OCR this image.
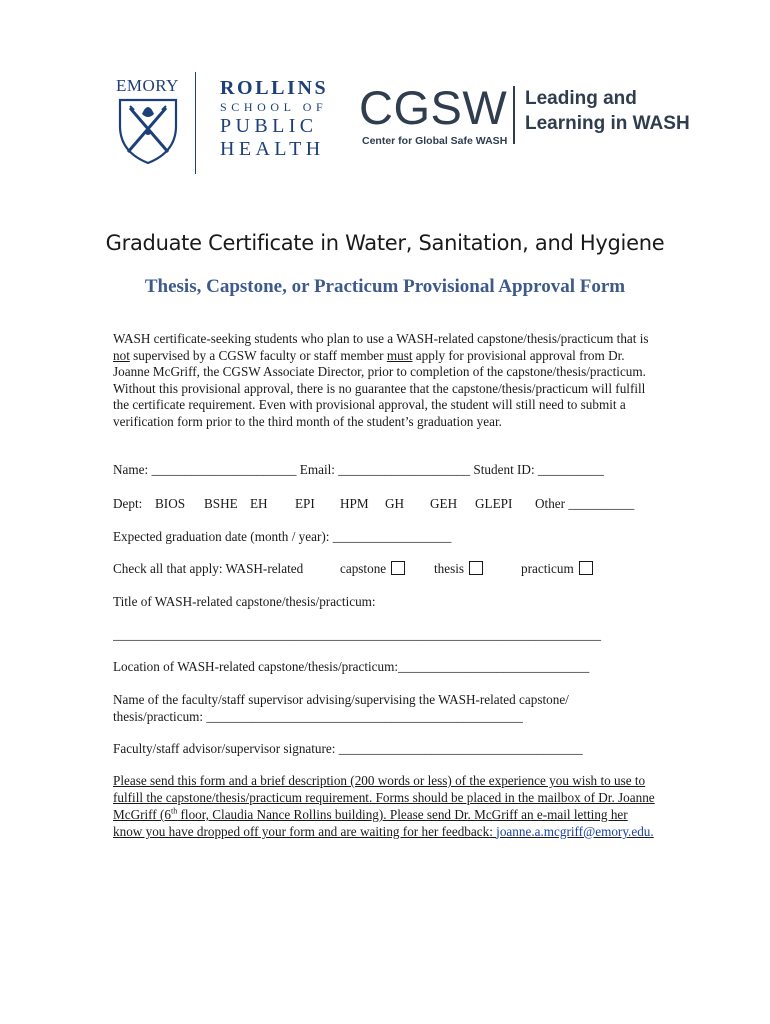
EMORY ROLLINS
SCHOOL OF
PUBLIC
HEALTH
CGSW
Center for Global Safe WASH
Leading and
Learning in WASH
Graduate Certificate in Water, Sanitation, and Hygiene
Thesis, Capstone, or Practicum Provisional Approval Form
WASH certificate-seeking students who plan to use a WASH-related capstone/thesis/practicum that is not supervised by a CGSW faculty or staff member must apply for provisional approval from Dr. Joanne McGriff, the CGSW Associate Director, prior to completion of the capstone/thesis/practicum. Without this provisional approval, there is no guarantee that the capstone/thesis/practicum will fulfill the certificate requirement. Even with provisional approval, the student will still need to submit a verification form prior to the third month of the student’s graduation year.
Name: ______________________ Email: ____________________ Student ID: __________
Dept: BIOS BSHE EH EPI HPM GH GEH GLEPI Other __________
Expected graduation date (month / year): __________________
Check all that apply: WASH-related	capstone	thesis	practicum
Title of WASH-related capstone/thesis/practicum:
__________________________________________________________________________
Location of WASH-related capstone/thesis/practicum:_____________________________
Name of the faculty/staff supervisor advising/supervising the WASH-related capstone/
thesis/practicum: ________________________________________________
Faculty/staff advisor/supervisor signature: _____________________________________
Please send this form and a brief description (200 words or less) of the experience you wish to use to fulfill the capstone/thesis/practicum requirement. Forms should be placed in the mailbox of Dr. Joanne McGriff (6th floor, Claudia Nance Rollins building). Please send Dr. McGriff an e-mail letting her know you have dropped off your form and are waiting for her feedback: joanne.a.mcgriff@emory.edu.
